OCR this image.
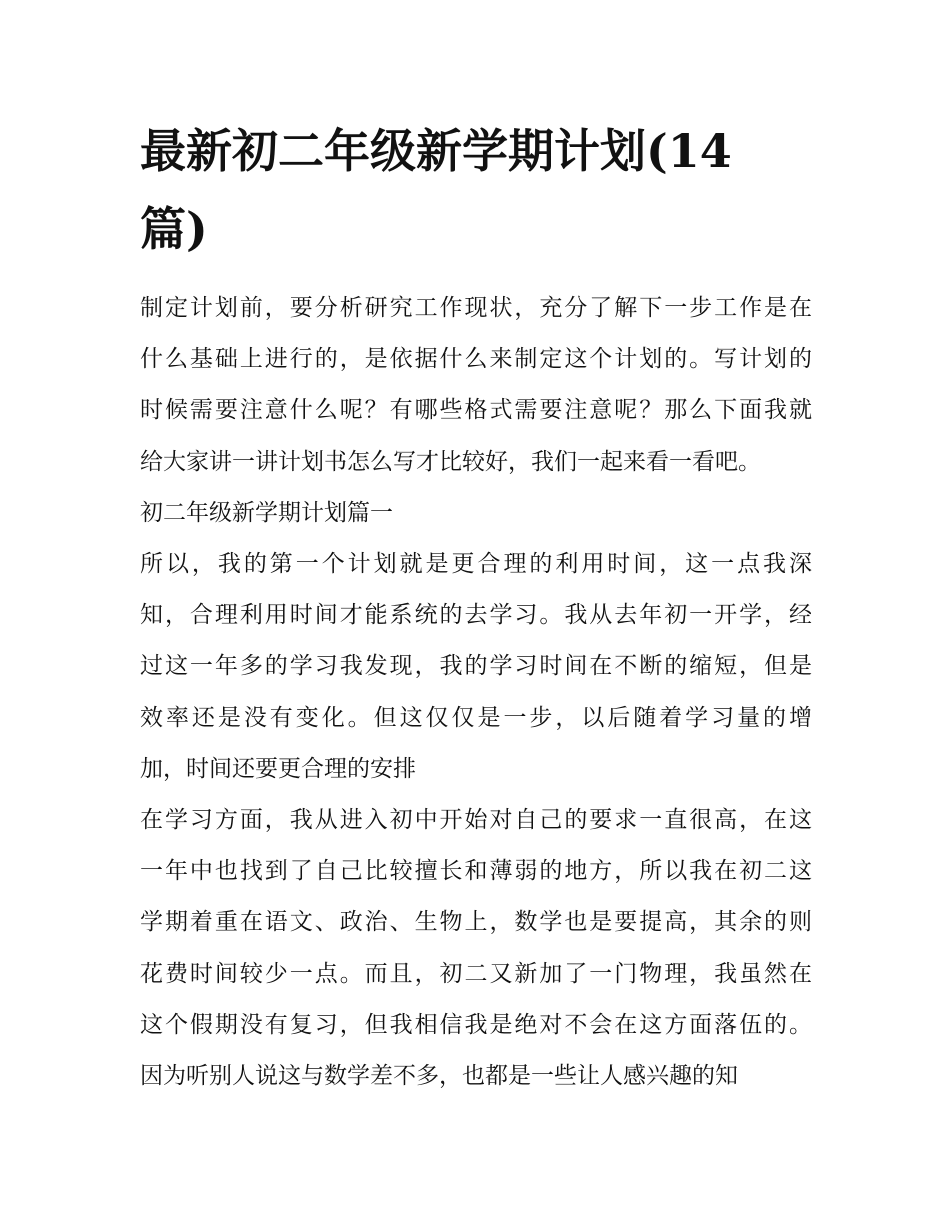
最新初二年级新学期计划(14
篇)

制定计划前，要分析研究工作现状，充分了解下一步工作是在
什么基础上进行的，是依据什么来制定这个计划的。写计划的
时候需要注意什么呢？有哪些格式需要注意呢？那么下面我就
给大家讲一讲计划书怎么写才比较好，我们一起来看一看吧。

初二年级新学期计划篇一

所以，我的第一个计划就是更合理的利用时间，这一点我深
知，合理利用时间才能系统的去学习。我从去年初一开学，经
过这一年多的学习我发现，我的学习时间在不断的缩短，但是
效率还是没有变化。但这仅仅是一步，以后随着学习量的增
加，时间还要更合理的安排

在学习方面，我从进入初中开始对自己的要求一直很高，在这
一年中也找到了自己比较擅长和薄弱的地方，所以我在初二这
学期着重在语文、政治、生物上，数学也是要提高，其余的则
花费时间较少一点。而且，初二又新加了一门物理，我虽然在
这个假期没有复习，但我相信我是绝对不会在这方面落伍的。
因为听别人说这与数学差不多，也都是一些让人感兴趣的知
